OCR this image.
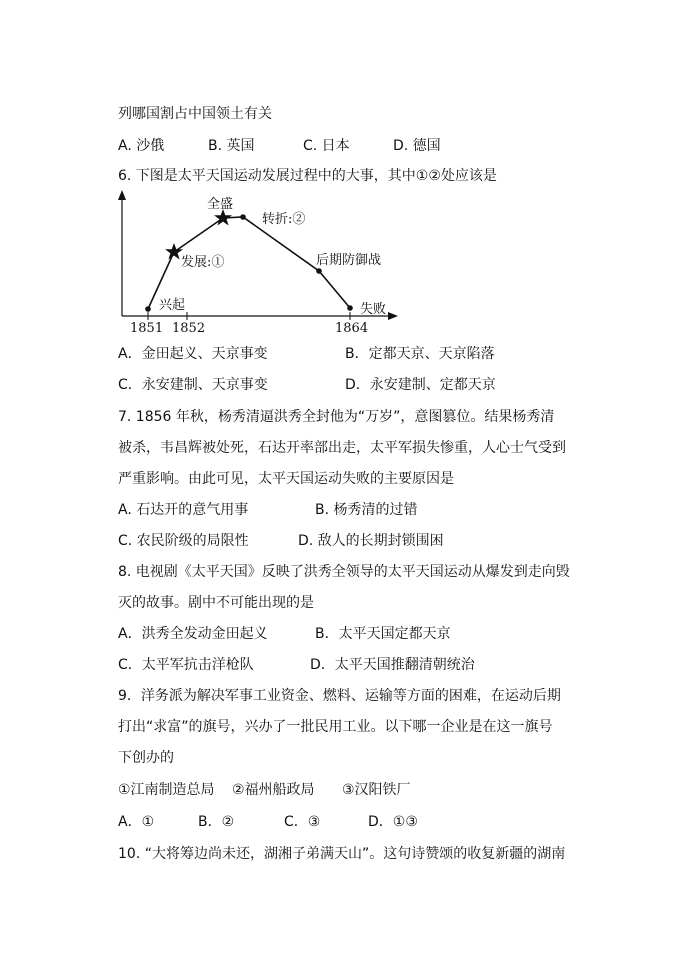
列哪国割占中国领土有关
A. 沙俄	B. 英国	C. 日本	D. 德国
6. 下图是太平天国运动发展过程中的大事，其中①②处应该是
全盛
转折:②
发展:①	后期防御战
兴起	失败
1851 1852	1864
A．金田起义、天京事变	B．定都天京、天京陷落
C．永安建制、天京事变	D．永安建制、定都天京
7. 1856 年秋，杨秀清逼洪秀全封他为“万岁”，意图篡位。结果杨秀清
被杀，韦昌辉被处死，石达开率部出走，太平军损失惨重，人心士气受到
严重影响。由此可见，太平天国运动失败的主要原因是
A. 石达开的意气用事	B. 杨秀清的过错
C. 农民阶级的局限性	D. 敌人的长期封锁围困
8. 电视剧《太平天国》反映了洪秀全领导的太平天国运动从爆发到走向毁
灭的故事。剧中不可能出现的是
A．洪秀全发动金田起义	B．太平天国定都天京
C．太平军抗击洋枪队	D．太平天国推翻清朝统治
9．洋务派为解决军事工业资金、燃料、运输等方面的困难，在运动后期
打出“求富”的旗号，兴办了一批民用工业。以下哪一企业是在这一旗号
下创办的
①江南制造总局 ②福州船政局 ③汉阳铁厂
A．①	B．②	C．③	D．①③
10. “大将筹边尚未还，湖湘子弟满天山”。这句诗赞颂的收复新疆的湖南
